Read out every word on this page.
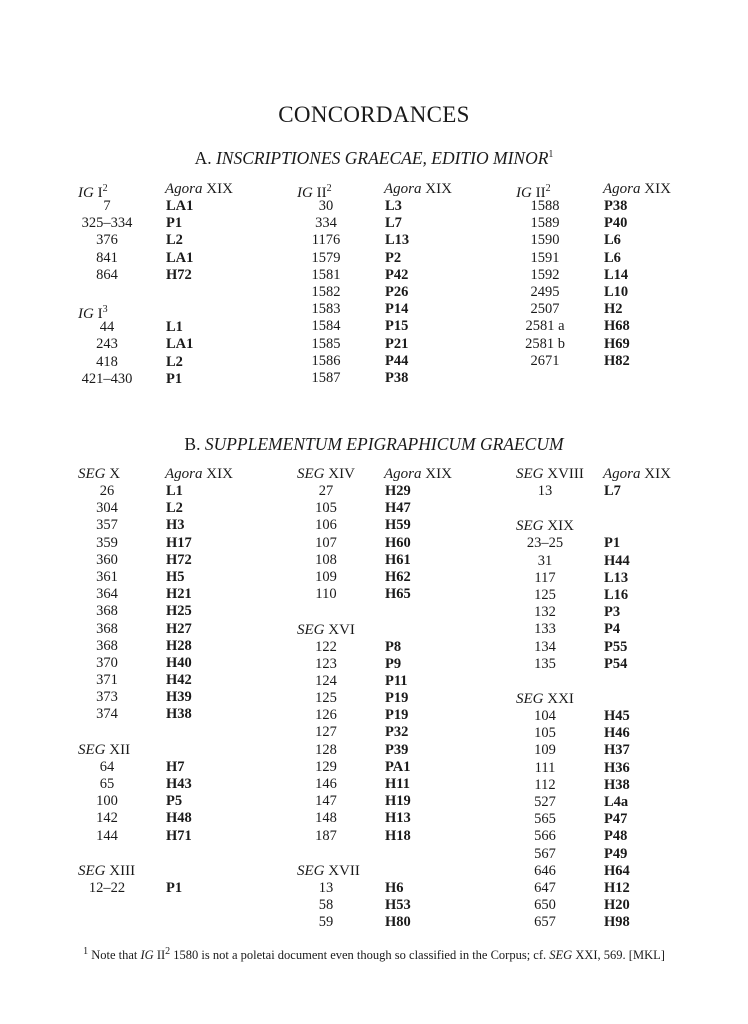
CONCORDANCES
A. INSCRIPTIONES GRAECAE, EDITIO MINOR$^1$
IG $I^2$	Agora XIX
7	LA1
325–334 P1
376	L2
841	LA1
864	H72
IG $I^3$
44	L1
243	LA1
418	L2
421–430 P1
IG $II^2$	Agora XIX
30	L3
334	L7
1176	L13
1579	P2
1581	P42
1582	P26
1583	P14
1584	P15
1585	P21
1586	P44
1587	P38
IG $II^2$	Agora XIX
1588	P38
1589	P40
1590	L6
1591	L6
1592	L14
2495	L10
2507	H2
2581 a	H68
2581 b	H69
2671	H82
B. SUPPLEMENTUM EPIGRAPHICUM GRAECUM
SEG X	Agora XIX
26	L1
304	L2
357	H3
359	H17
360	H72
361	H5
364	H21
368	H25
368	H27
368	H28
370	H40
371	H42
373	H39
374	H38
SEG XII
64	H7
65	H43
100	P5
142	H48
144	H71
SEG XIII
12–22	P1
SEG XIV Agora XIX
27	H29
105	H47
106	H59
107	H60
108	H61
109	H62
110	H65
SEG XVI
122	P8
123	P9
124	P11
125	P19
126	P19
127	P32
128	P39
129	PA1
146	H11
147	H19
148	H13
187	H18
SEG XVII
13	H6
58	H53
59	H80
SEG XVIII Agora XIX
13	L7
SEG XIX
23–25	P1
31	H44
117	L13
125	L16
132	P3
133	P4
134	P55
135	P54
SEG XXI
104	H45
105	H46
109	H37
111	H36
112	H38
527	L4a
565	P47
566	P48
567	P49
646	H64
647	H12
650	H20
657	H98
$^1$ Note that IG $II^2$ 1580 is not a poletai document even though so classified in the Corpus; cf. SEG XXI, 569. [MKL]
